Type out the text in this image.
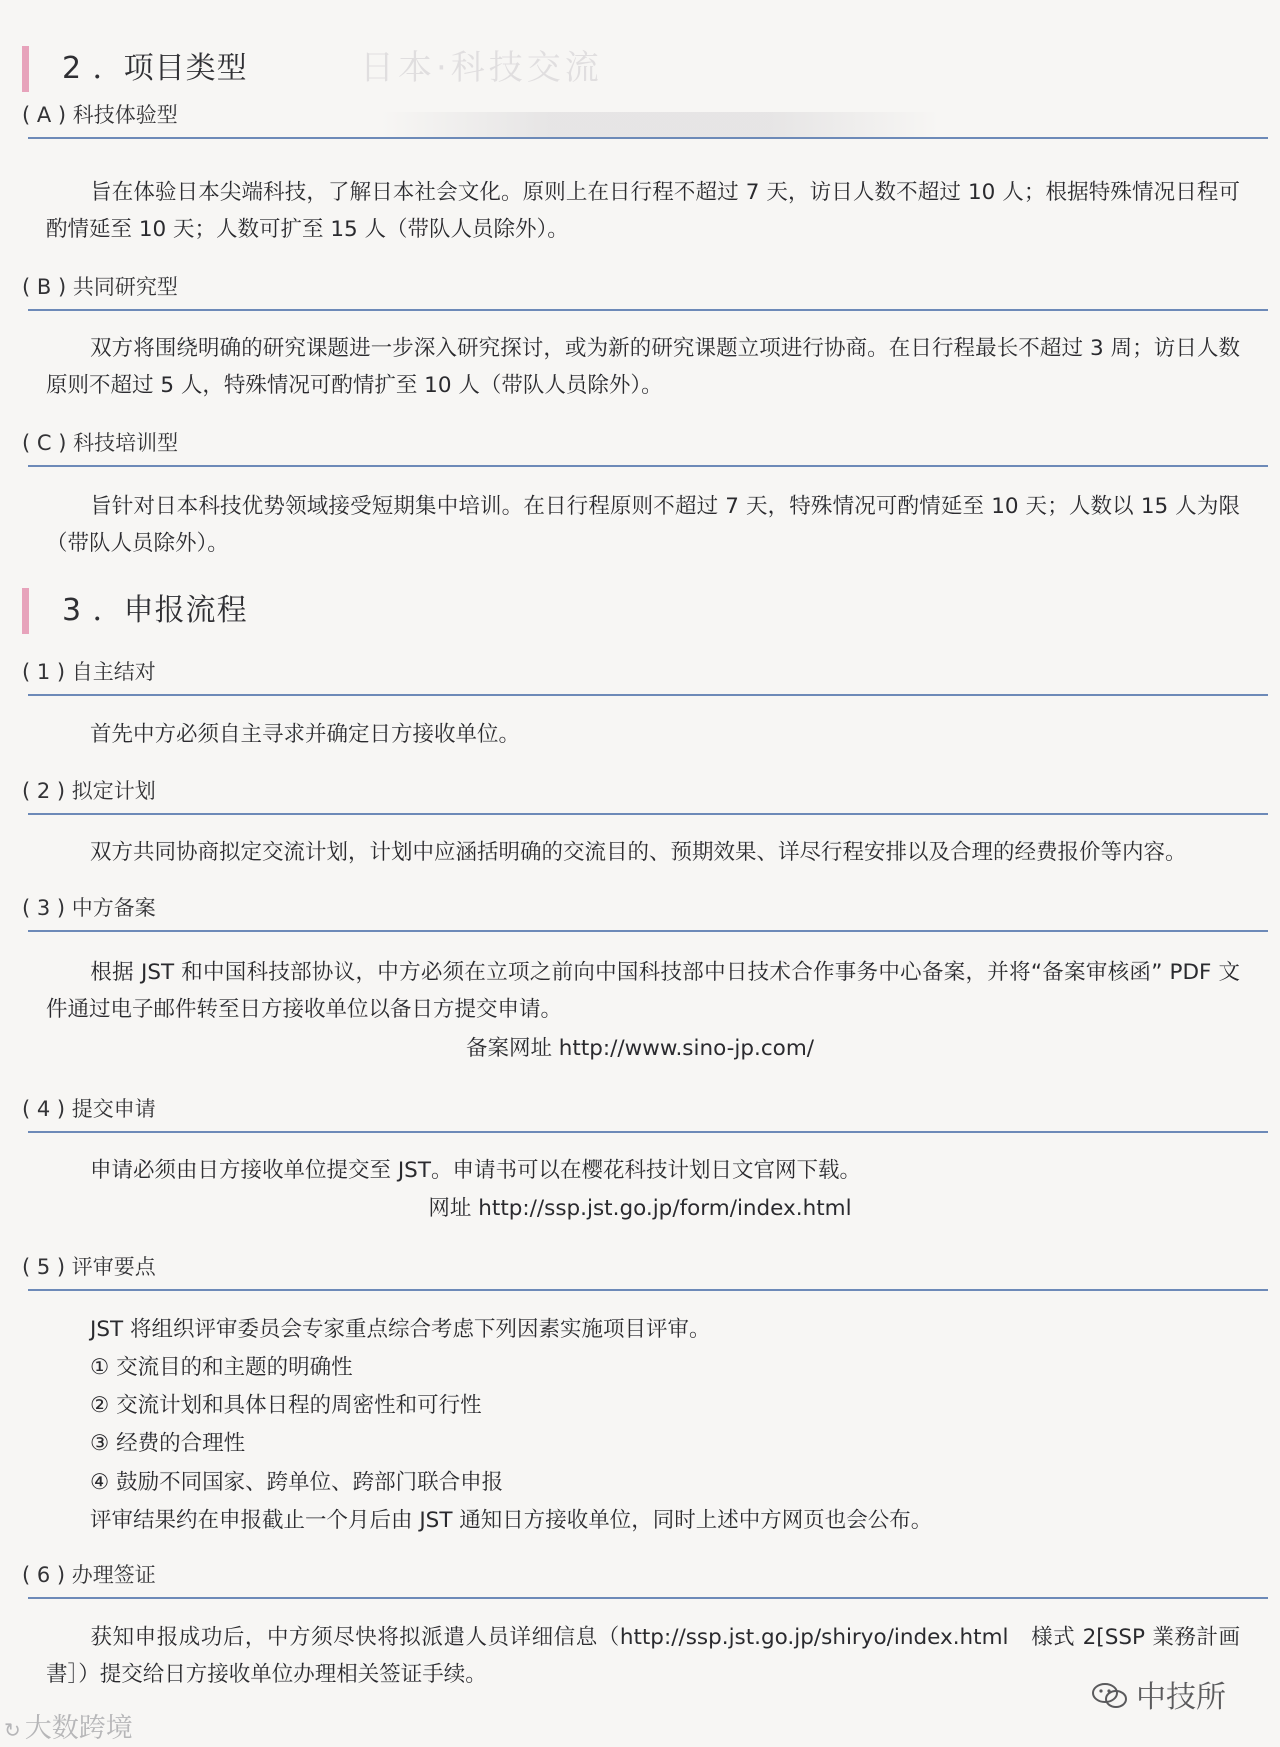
日本·科技交流
2 ．项目类型
( A ) 科技体验型
旨在体验日本尖端科技，了解日本社会文化。原则上在日行程不超过 7 天，访日人数不超过 10 人；根据特殊情况日程可酌情延至 10 天；人数可扩至 15 人（带队人员除外）。
( B ) 共同研究型
双方将围绕明确的研究课题进一步深入研究探讨，或为新的研究课题立项进行协商。在日行程最长不超过 3 周；访日人数原则不超过 5 人，特殊情况可酌情扩至 10 人（带队人员除外）。
( C ) 科技培训型
旨针对日本科技优势领域接受短期集中培训。在日行程原则不超过 7 天，特殊情况可酌情延至 10 天；人数以 15 人为限（带队人员除外）。
3 ．申报流程
( 1 ) 自主结对
首先中方必须自主寻求并确定日方接收单位。
( 2 ) 拟定计划
双方共同协商拟定交流计划，计划中应涵括明确的交流目的、预期效果、详尽行程安排以及合理的经费报价等内容。
( 3 ) 中方备案
根据 JST 和中国科技部协议，中方必须在立项之前向中国科技部中日技术合作事务中心备案，并将“备案审核函” PDF 文件通过电子邮件转至日方接收单位以备日方提交申请。
备案网址 http://www.sino-jp.com/
( 4 ) 提交申请
申请必须由日方接收单位提交至 JST。申请书可以在樱花科技计划日文官网下载。
网址 http://ssp.jst.go.jp/form/index.html
( 5 ) 评审要点
JST 将组织评审委员会专家重点综合考虑下列因素实施项目评审。
① 交流目的和主题的明确性
② 交流计划和具体日程的周密性和可行性
③ 经费的合理性
④ 鼓励不同国家、跨单位、跨部门联合申报
评审结果约在申报截止一个月后由 JST 通知日方接收单位，同时上述中方网页也会公布。
( 6 ) 办理签证
获知申报成功后，中方须尽快将拟派遣人员详细信息（http://ssp.jst.go.jp/shiryo/index.html　様式 2[SSP 業務計画書］）提交给日方接收单位办理相关签证手续。
↻ 大数跨境
中技所
